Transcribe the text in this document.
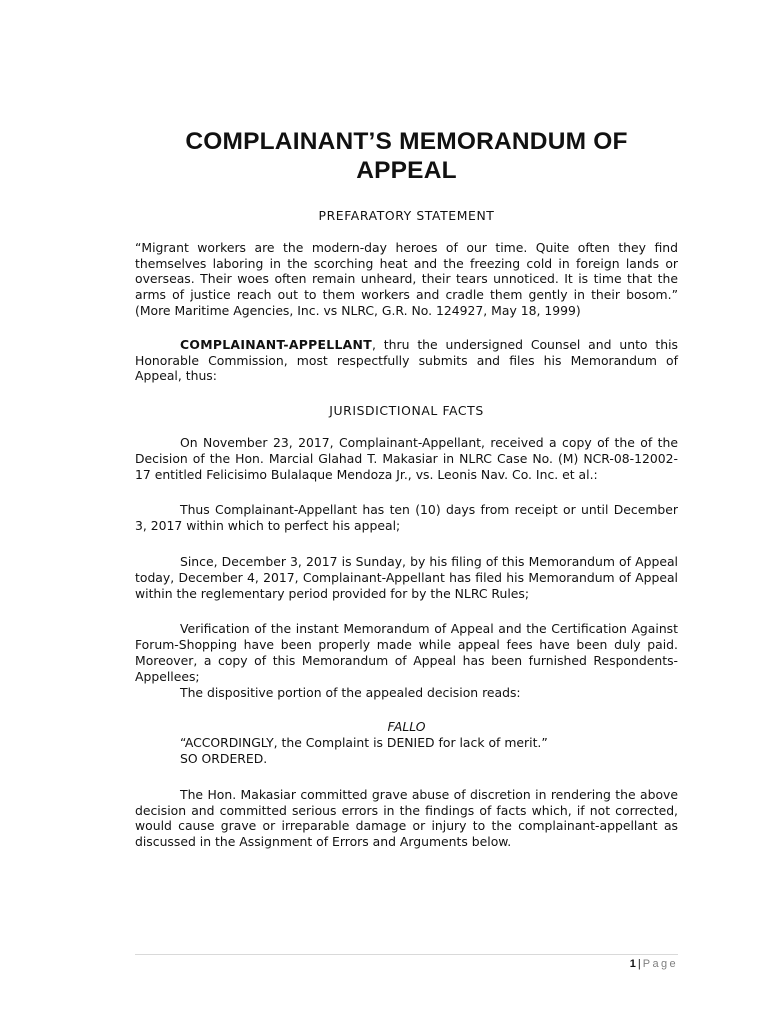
COMPLAINANT’S MEMORANDUM OF APPEAL

PREFARATORY STATEMENT

“Migrant workers are the modern-day heroes of our time. Quite often they find themselves laboring in the scorching heat and the freezing cold in foreign lands or overseas. Their woes often remain unheard, their tears unnoticed. It is time that the arms of justice reach out to them workers and cradle them gently in their bosom.” (More Maritime Agencies, Inc. vs NLRC, G.R. No. 124927, May 18, 1999)

COMPLAINANT-APPELLANT, thru the undersigned Counsel and unto this Honorable Commission, most respectfully submits and files his Memorandum of Appeal, thus:

JURISDICTIONAL FACTS

On November 23, 2017, Complainant-Appellant, received a copy of the of the Decision of the Hon. Marcial Glahad T. Makasiar in NLRC Case No. (M) NCR-08-12002-17 entitled Felicisimo Bulalaque Mendoza Jr., vs. Leonis Nav. Co. Inc. et al.:

Thus Complainant-Appellant has ten (10) days from receipt or until December 3, 2017 within which to perfect his appeal;

Since, December 3, 2017 is Sunday, by his filing of this Memorandum of Appeal today, December 4, 2017, Complainant-Appellant has filed his Memorandum of Appeal within the reglementary period provided for by the NLRC Rules;

Verification of the instant Memorandum of Appeal and the Certification Against Forum-Shopping have been properly made while appeal fees have been duly paid. Moreover, a copy of this Memorandum of Appeal has been furnished Respondents-Appellees;

The dispositive portion of the appealed decision reads:

FALLO

“ACCORDINGLY, the Complaint is DENIED for lack of merit.”

SO ORDERED.

The Hon. Makasiar committed grave abuse of discretion in rendering the above decision and committed serious errors in the findings of facts which, if not corrected, would cause grave or irreparable damage or injury to the complainant-appellant as discussed in the Assignment of Errors and Arguments below.

1 | Page
